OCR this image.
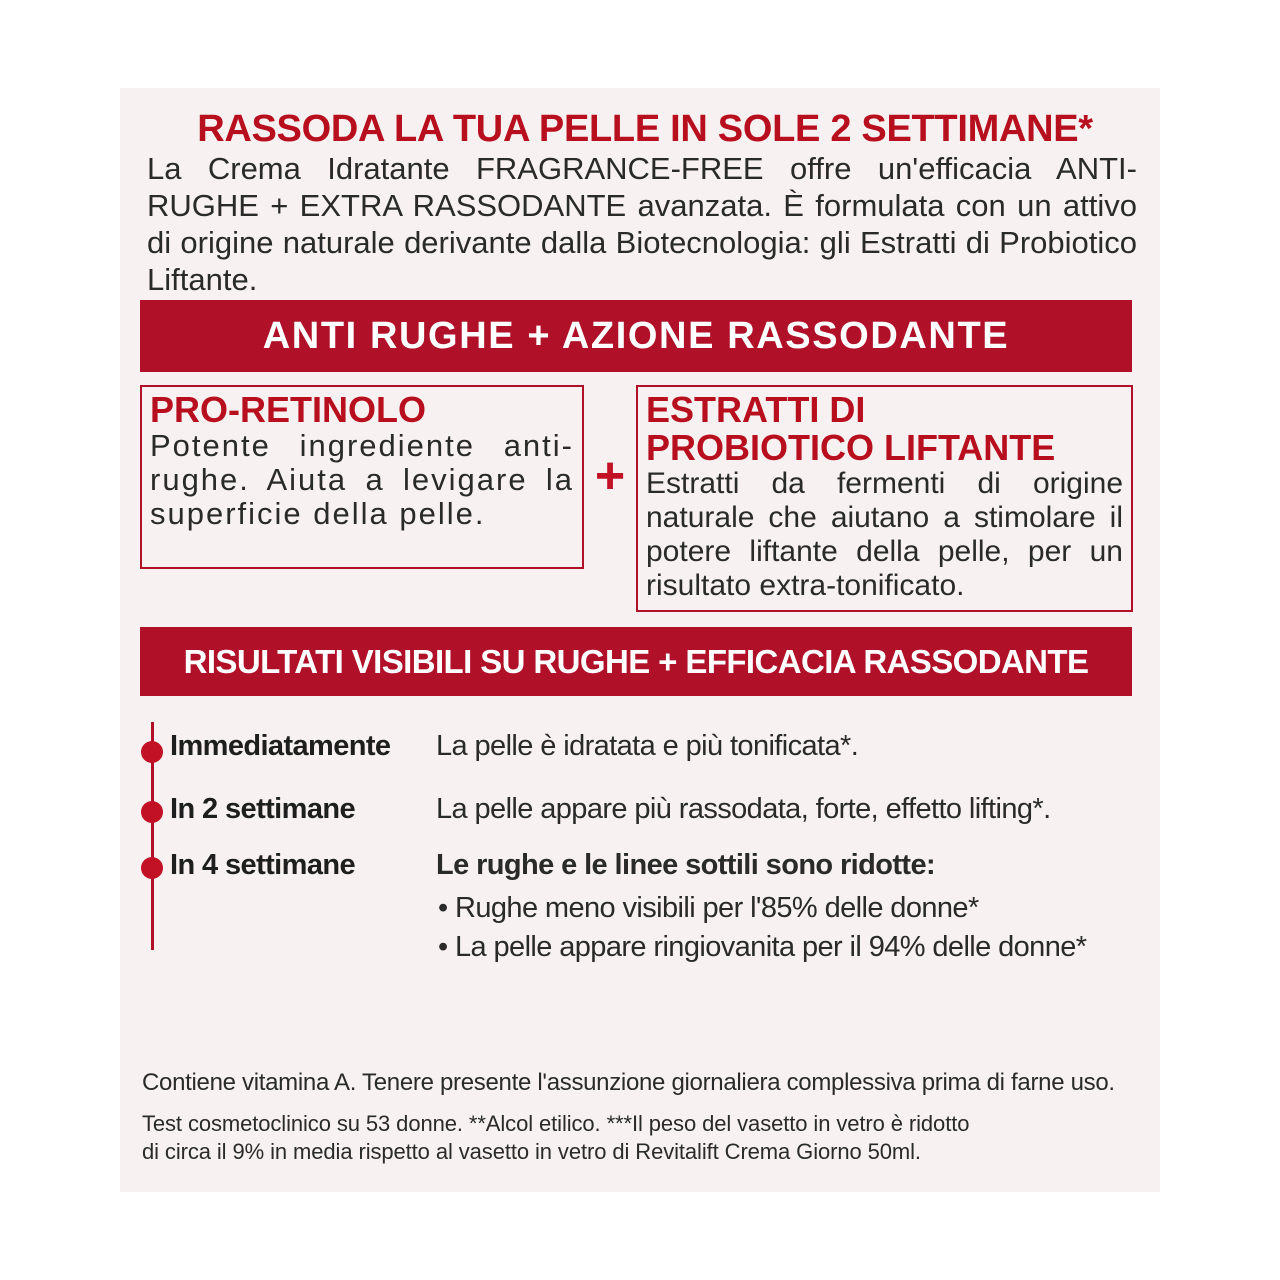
RASSODA LA TUA PELLE IN SOLE 2 SETTIMANE*
La Crema Idratante FRAGRANCE-FREE offre un'efficacia ANTI-RUGHE + EXTRA RASSODANTE avanzata. È formulata con un attivo di origine naturale derivante dalla Biotecnologia: gli Estratti di Probiotico Liftante.
ANTI RUGHE + AZIONE RASSODANTE
PRO-RETINOLO
Potente ingrediente anti-rughe. Aiuta a levigare la superficie della pelle.
+
ESTRATTI DI
PROBIOTICO LIFTANTE
Estratti da fermenti di origine naturale che aiutano a stimolare il potere liftante della pelle, per un risultato extra-tonificato.
RISULTATI VISIBILI SU RUGHE + EFFICACIA RASSODANTE
Immediatamente La pelle è idratata e più tonificata*.
In 2 settimane	La pelle appare più rassodata, forte, effetto lifting*.
In 4 settimane	Le rughe e le linee sottili sono ridotte:
• Rughe meno visibili per l'85% delle donne*
• La pelle appare ringiovanita per il 94% delle donne*
Contiene vitamina A. Tenere presente l'assunzione giornaliera complessiva prima di farne uso.
Test cosmetoclinico su 53 donne. **Alcol etilico. ***Il peso del vasetto in vetro è ridotto
di circa il 9% in media rispetto al vasetto in vetro di Revitalift Crema Giorno 50ml.
